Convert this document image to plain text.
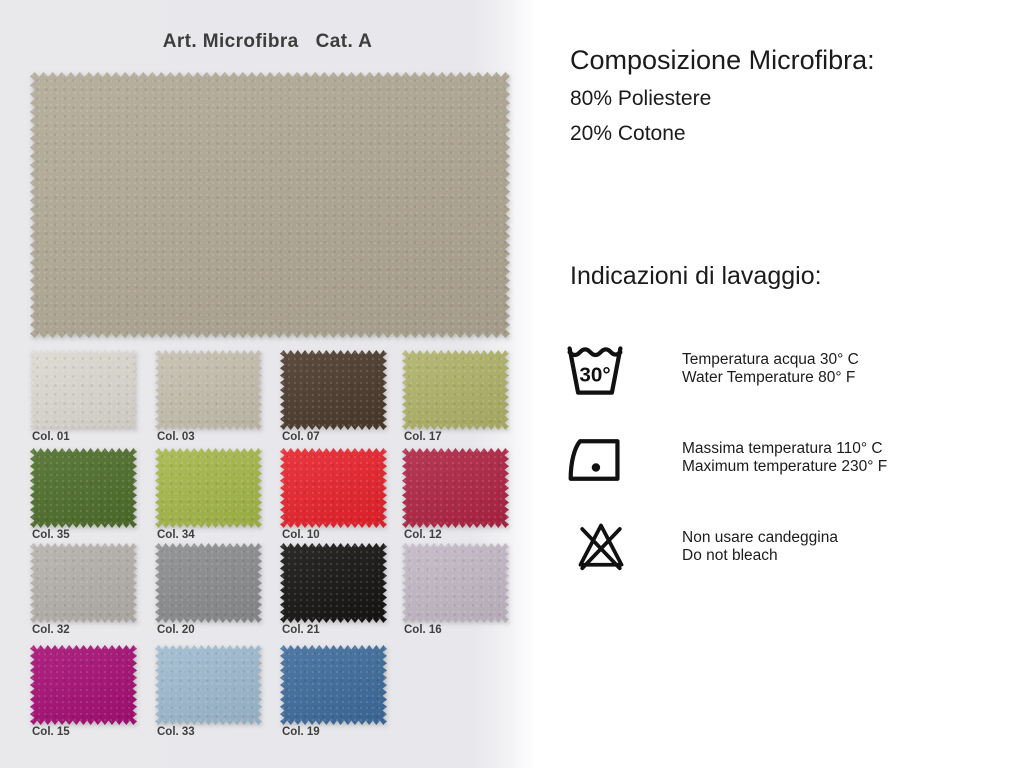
Art. Microfibra   Cat. A
Col. 01	Col. 03	Col. 07	Col. 17
Col. 35	Col. 34	Col. 10	Col. 12
Col. 32	Col. 20	Col. 21	Col. 16
Col. 15	Col. 33	Col. 19
Composizione Microfibra:
80% Poliestere
20% Cotone
Indicazioni di lavaggio:
30°
Temperatura acqua 30° C
Water Temperature 80° F
Massima temperatura 110° C
Maximum temperature 230° F
Non usare candeggina
Do not bleach
